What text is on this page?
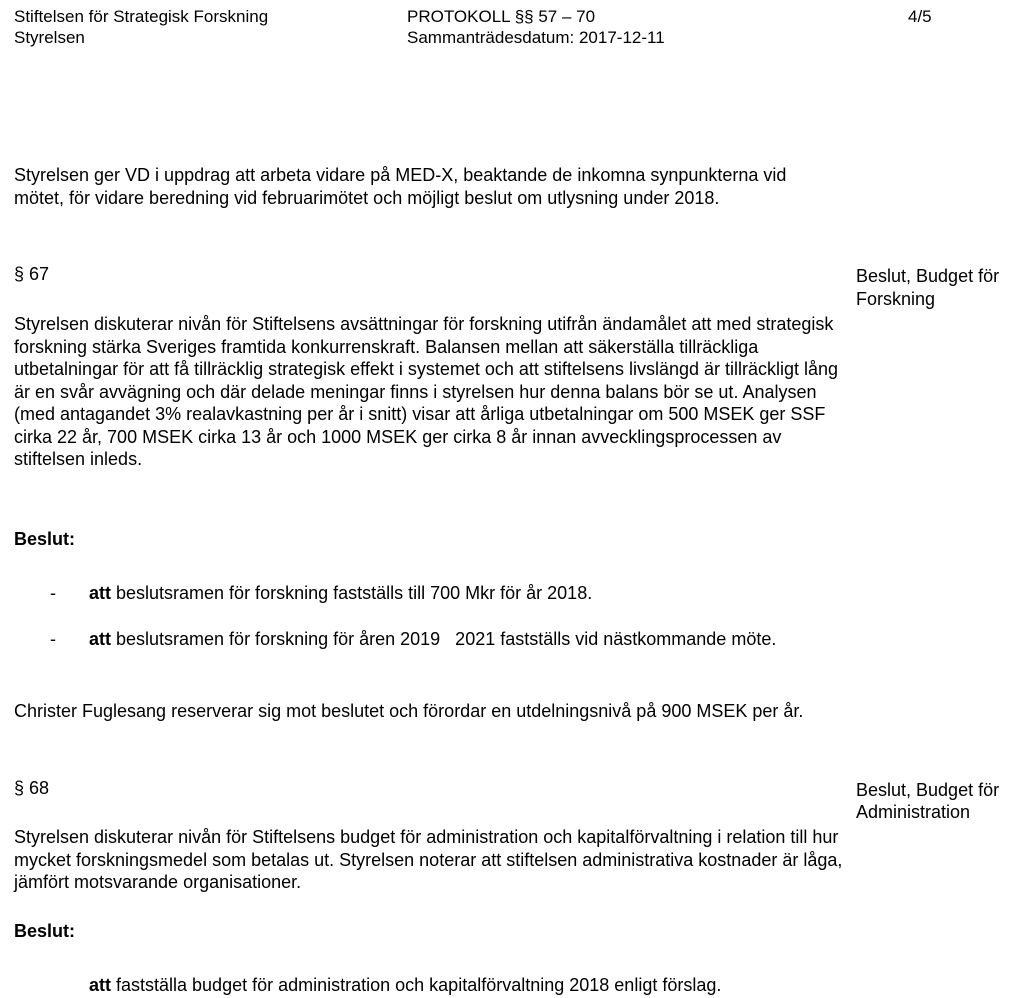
Stiftelsen för Strategisk Forskning

Styrelsen

PROTOKOLL §§ 57 – 70

Sammanträdesdatum: 2017-12-11

4/5

Styrelsen ger VD i uppdrag att arbeta vidare på MED-X, beaktande de inkomna synpunkterna vid mötet, för vidare beredning vid februarimötet och möjligt beslut om utlysning under 2018.

§ 67	Beslut, Budget för

Forskning

Styrelsen diskuterar nivån för Stiftelsens avsättningar för forskning utifrån ändamålet att med strategisk forskning stärka Sveriges framtida konkurrenskraft. Balansen mellan att säkerställa tillräckliga utbetalningar för att få tillräcklig strategisk effekt i systemet och att stiftelsens livslängd är tillräckligt lång är en svår avvägning och där delade meningar finns i styrelsen hur denna balans bör se ut. Analysen (med antagandet 3% realavkastning per år i snitt) visar att årliga utbetalningar om 500 MSEK ger SSF cirka 22 år, 700 MSEK cirka 13 år och 1000 MSEK ger cirka 8 år innan avvecklingsprocessen av stiftelsen inleds.

Beslut:

- att beslutsramen för forskning fastställs till 700 Mkr för år 2018.

- att beslutsramen för forskning för åren 2019   2021 fastställs vid nästkommande möte.

Christer Fuglesang reserverar sig mot beslutet och förordar en utdelningsnivå på 900 MSEK per år.

§ 68	Beslut, Budget för

Administration

Styrelsen diskuterar nivån för Stiftelsens budget för administration och kapitalförvaltning i relation till hur mycket forskningsmedel som betalas ut. Styrelsen noterar att stiftelsen administrativa kostnader är låga, jämfört motsvarande organisationer.

Beslut:

att fastställa budget för administration och kapitalförvaltning 2018 enligt förslag.
